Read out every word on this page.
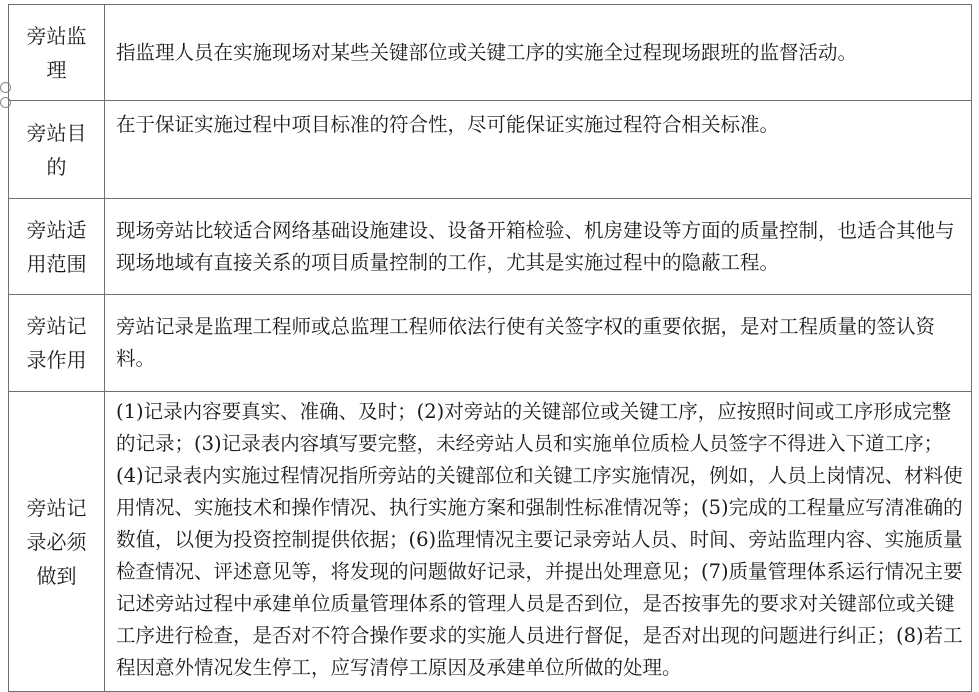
旁站监理	指监理人员在实施现场对某些关键部位或关键工序的实施全过程现场跟班的监督活动。
旁站目的	在于保证实施过程中项目标准的符合性，尽可能保证实施过程符合相关标准。
旁站适用范围	现场旁站比较适合网络基础设施建设、设备开箱检验、机房建设等方面的质量控制，也适合其他与现场地域有直接关系的项目质量控制的工作，尤其是实施过程中的隐蔽工程。
旁站记录作用	旁站记录是监理工程师或总监理工程师依法行使有关签字权的重要依据，是对工程质量的签认资料。
旁站记录必须做到	(1)记录内容要真实、准确、及时；(2)对旁站的关键部位或关键工序，应按照时间或工序形成完整的记录；(3)记录表内容填写要完整，未经旁站人员和实施单位质检人员签字不得进入下道工序；(4)记录表内实施过程情况指所旁站的关键部位和关键工序实施情况，例如，人员上岗情况、材料使用情况、实施技术和操作情况、执行实施方案和强制性标准情况等；(5)完成的工程量应写清准确的数值，以便为投资控制提供依据；(6)监理情况主要记录旁站人员、时间、旁站监理内容、实施质量检查情况、评述意见等，将发现的问题做好记录，并提出处理意见；(7)质量管理体系运行情况主要记述旁站过程中承建单位质量管理体系的管理人员是否到位，是否按事先的要求对关键部位或关键工序进行检查，是否对不符合操作要求的实施人员进行督促，是否对出现的问题进行纠正；(8)若工程因意外情况发生停工，应写清停工原因及承建单位所做的处理。
